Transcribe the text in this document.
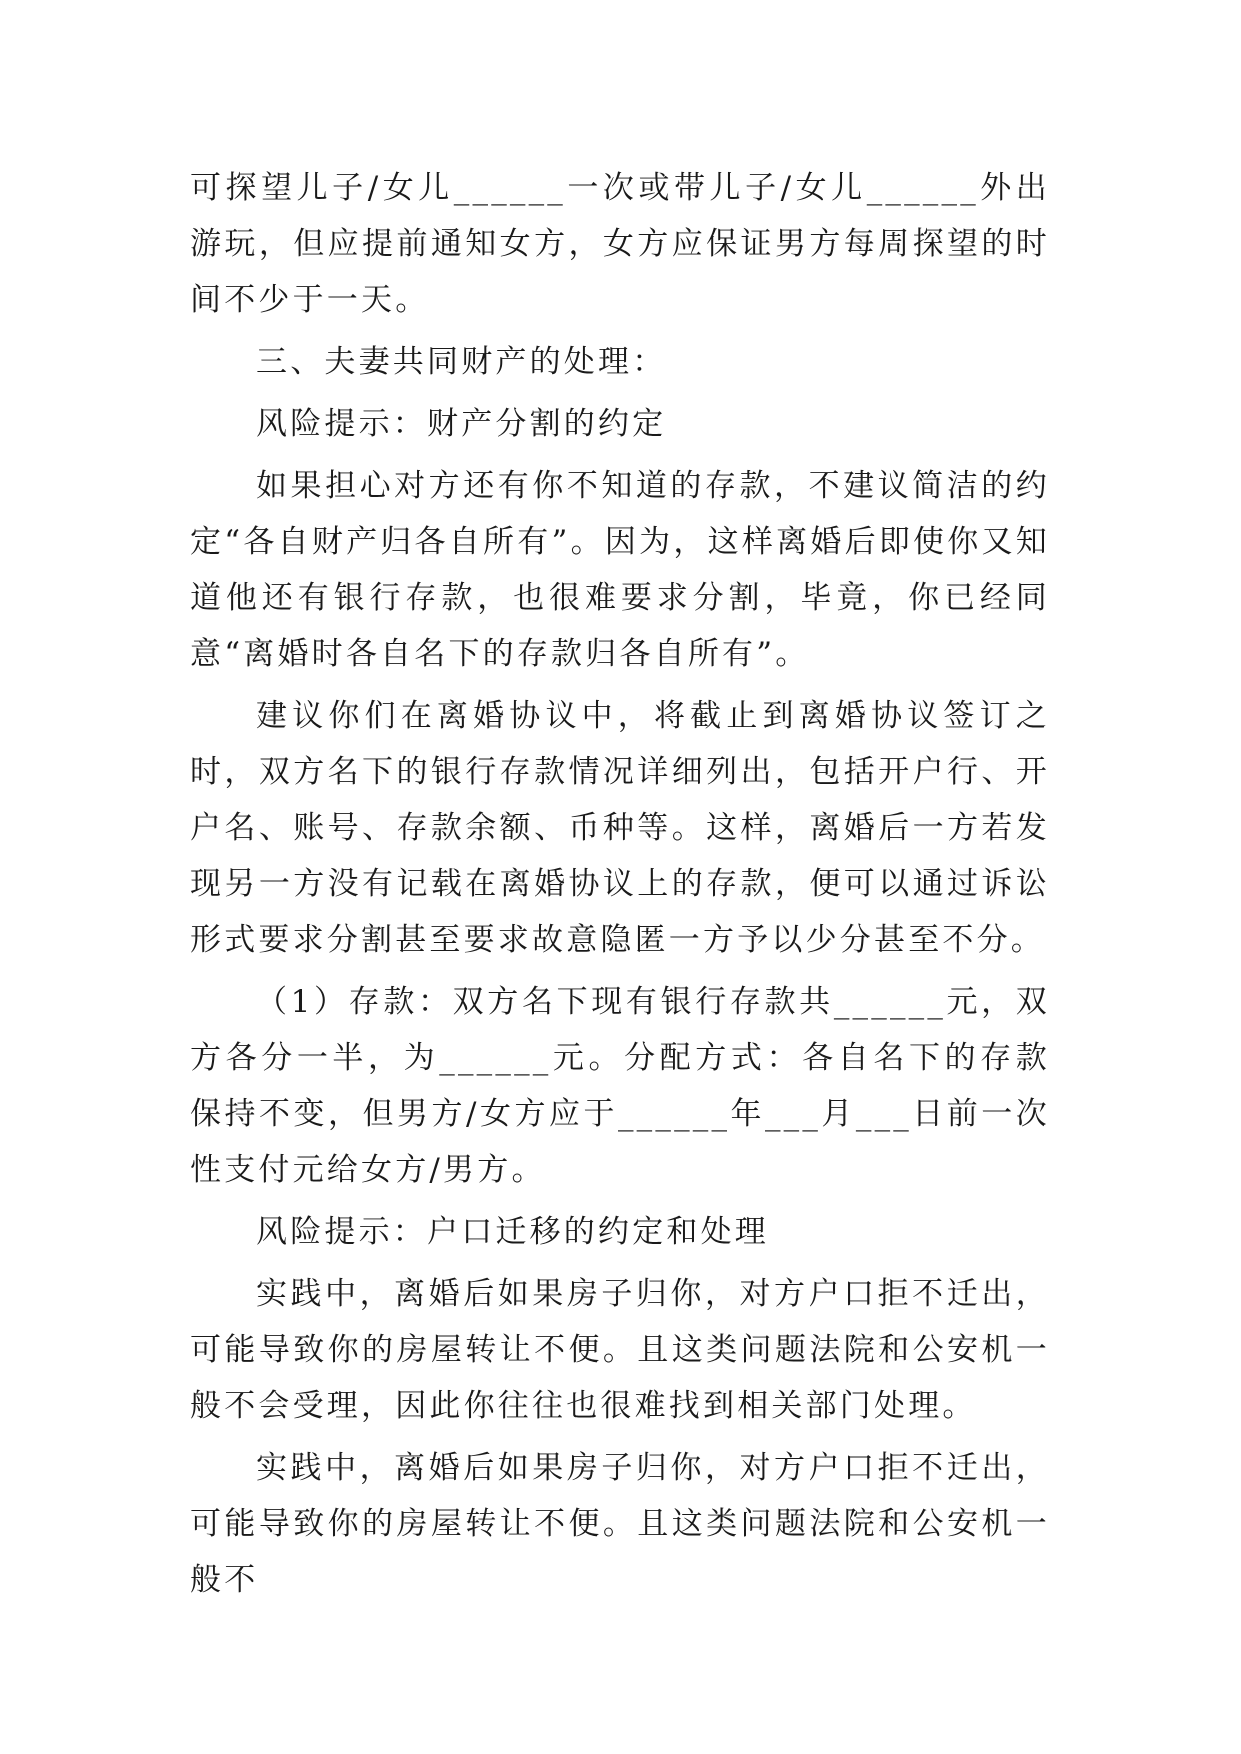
可探望儿子/女儿______一次或带儿子/女儿______外出游玩，但应提前通知女方，女方应保证男方每周探望的时间不少于一天。

三、夫妻共同财产的处理：

风险提示：财产分割的约定

如果担心对方还有你不知道的存款，不建议简洁的约定“各自财产归各自所有”。因为，这样离婚后即使你又知道他还有银行存款，也很难要求分割，毕竟，你已经同意“离婚时各自名下的存款归各自所有”。

建议你们在离婚协议中，将截止到离婚协议签订之时，双方名下的银行存款情况详细列出，包括开户行、开户名、账号、存款余额、币种等。这样，离婚后一方若发现另一方没有记载在离婚协议上的存款，便可以通过诉讼形式要求分割甚至要求故意隐匿一方予以少分甚至不分。

（1）存款：双方名下现有银行存款共______元，双方各分一半，为______元。分配方式：各自名下的存款保持不变，但男方/女方应于______年___月___日前一次性支付元给女方/男方。

风险提示：户口迁移的约定和处理

实践中，离婚后如果房子归你，对方户口拒不迁出，可能导致你的房屋转让不便。且这类问题法院和公安机一般不会受理，因此你往往也很难找到相关部门处理。

实践中，离婚后如果房子归你，对方户口拒不迁出，可能导致你的房屋转让不便。且这类问题法院和公安机一般不
